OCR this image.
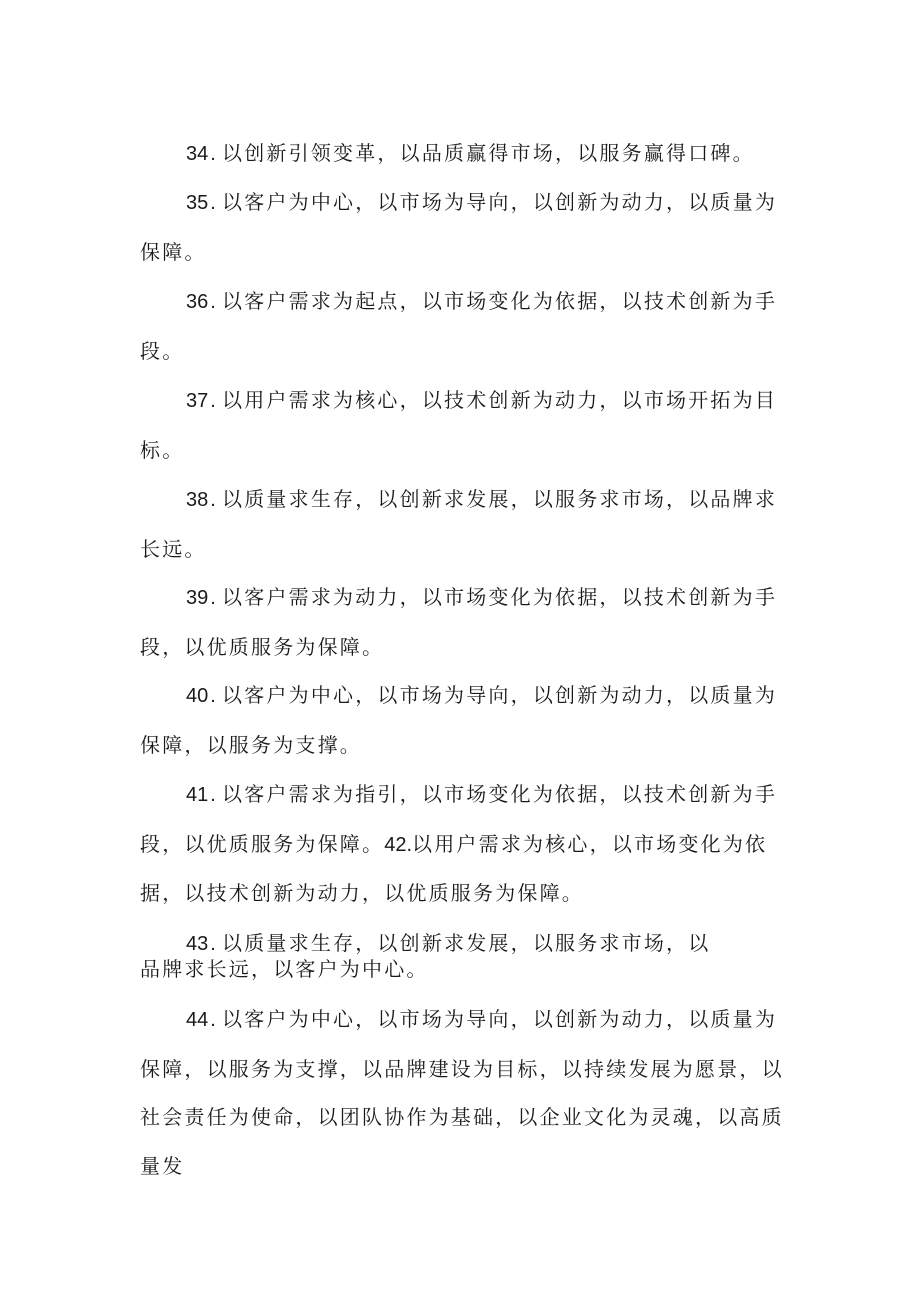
34 . 以创新引领变革，以品质赢得市场，以服务赢得口碑。
35 . 以客户为中心，以市场为导向，以创新为动力，以质量为保障。
36 . 以客户需求为起点，以市场变化为依据，以技术创新为手段。
37 . 以用户需求为核心，以技术创新为动力，以市场开拓为目标。
38 . 以质量求生存，以创新求发展，以服务求市场，以品牌求长远。
39 . 以客户需求为动力，以市场变化为依据，以技术创新为手段，以优质服务为保障。
40 . 以客户为中心，以市场为导向，以创新为动力，以质量为保障，以服务为支撑。
41 . 以客户需求为指引，以市场变化为依据，以技术创新为手段，以优质服务为保障。42.以用户需求为核心，以市场变化为依据，以技术创新为动力，以优质服务为保障。
43 . 以质量求生存，以创新求发展，以服务求市场，以
品牌求长远，以客户为中心。
44 . 以客户为中心，以市场为导向，以创新为动力，以质量为保障，以服务为支撑，以品牌建设为目标，以持续发展为愿景，以社会责任为使命，以团队协作为基础，以企业文化为灵魂，以高质量发
